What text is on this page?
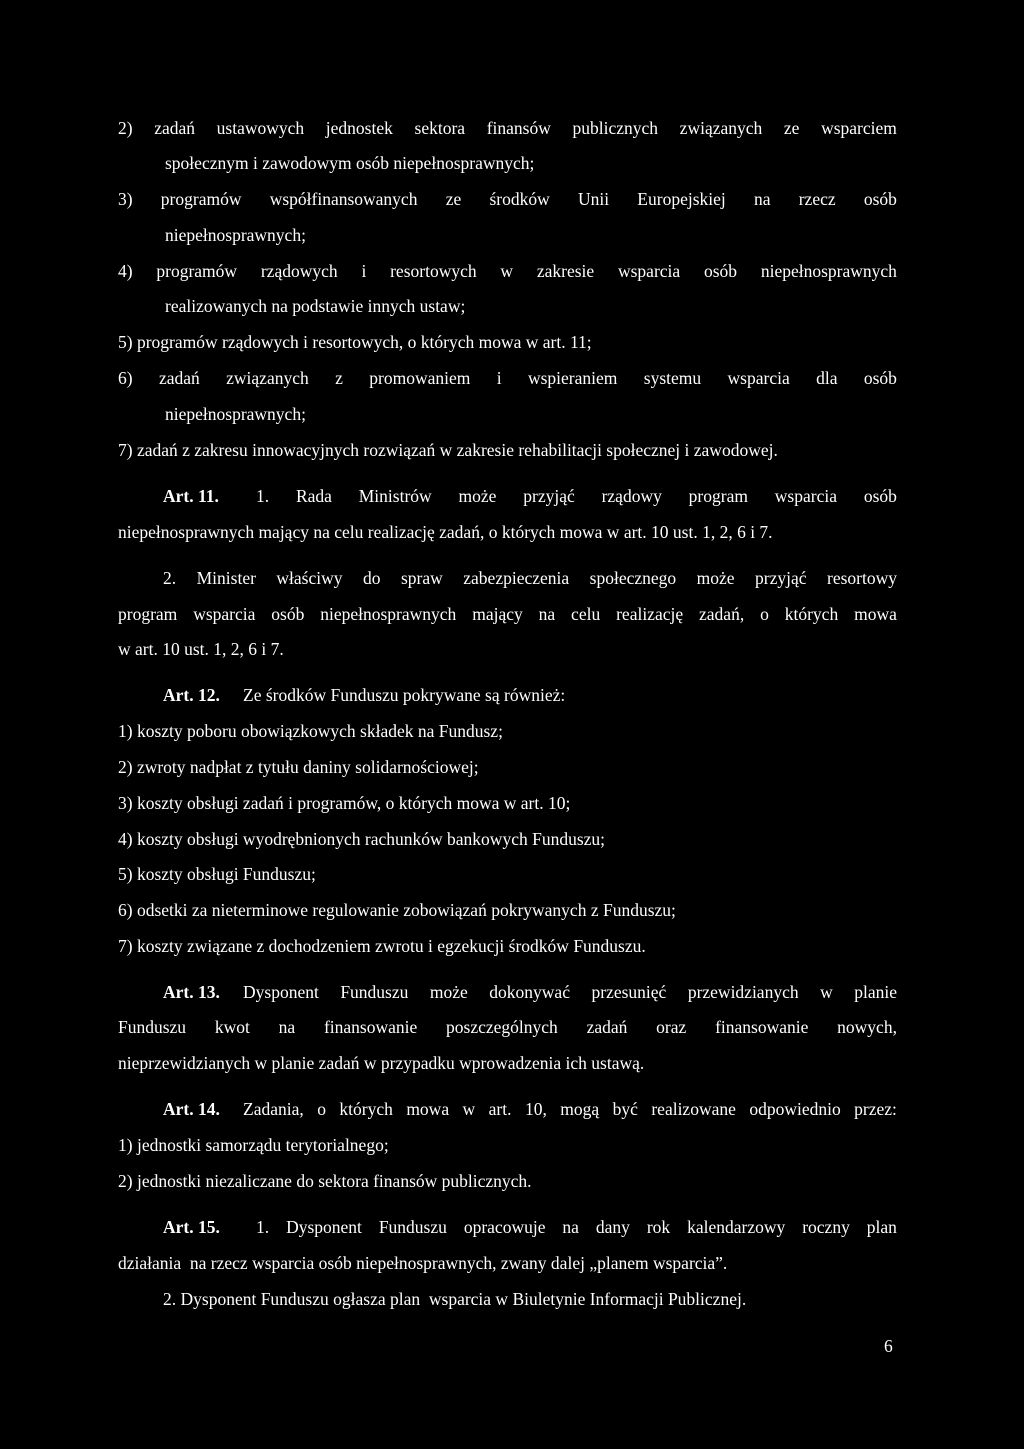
2) zadań ustawowych jednostek sektora finansów publicznych związanych ze wsparciem
społecznym i zawodowym osób niepełnosprawnych;
3) programów współfinansowanych ze środków Unii Europejskiej na rzecz osób
niepełnosprawnych;
4) programów rządowych i resortowych w zakresie wsparcia osób niepełnosprawnych
realizowanych na podstawie innych ustaw;
5) programów rządowych i resortowych, o których mowa w art. 11;
6) zadań związanych z promowaniem i wspieraniem systemu wsparcia dla osób
niepełnosprawnych;
7) zadań z zakresu innowacyjnych rozwiązań w zakresie rehabilitacji społecznej i zawodowej.
Art. 11. 1. Rada Ministrów może przyjąć rządowy program wsparcia osób
niepełnosprawnych mający na celu realizację zadań, o których mowa w art. 10 ust. 1, 2, 6 i 7.
2. Minister właściwy do spraw zabezpieczenia społecznego może przyjąć resortowy
program wsparcia osób niepełnosprawnych mający na celu realizację zadań, o których mowa
w art. 10 ust. 1, 2, 6 i 7.
Art. 12. Ze środków Funduszu pokrywane są również:
1) koszty poboru obowiązkowych składek na Fundusz;
2) zwroty nadpłat z tytułu daniny solidarnościowej;
3) koszty obsługi zadań i programów, o których mowa w art. 10;
4) koszty obsługi wyodrębnionych rachunków bankowych Funduszu;
5) koszty obsługi Funduszu;
6) odsetki za nieterminowe regulowanie zobowiązań pokrywanych z Funduszu;
7) koszty związane z dochodzeniem zwrotu i egzekucji środków Funduszu.
Art. 13. Dysponent Funduszu może dokonywać przesunięć przewidzianych w planie
Funduszu kwot na finansowanie poszczególnych zadań oraz finansowanie nowych,
nieprzewidzianych w planie zadań w przypadku wprowadzenia ich ustawą.
Art. 14. Zadania, o których mowa w art. 10, mogą być realizowane odpowiednio przez:
1) jednostki samorządu terytorialnego;
2) jednostki niezaliczane do sektora finansów publicznych.
Art. 15. 1. Dysponent Funduszu opracowuje na dany rok kalendarzowy roczny plan
działania  na rzecz wsparcia osób niepełnosprawnych, zwany dalej „planem wsparcia”.
2. Dysponent Funduszu ogłasza plan  wsparcia w Biuletynie Informacji Publicznej.
6
